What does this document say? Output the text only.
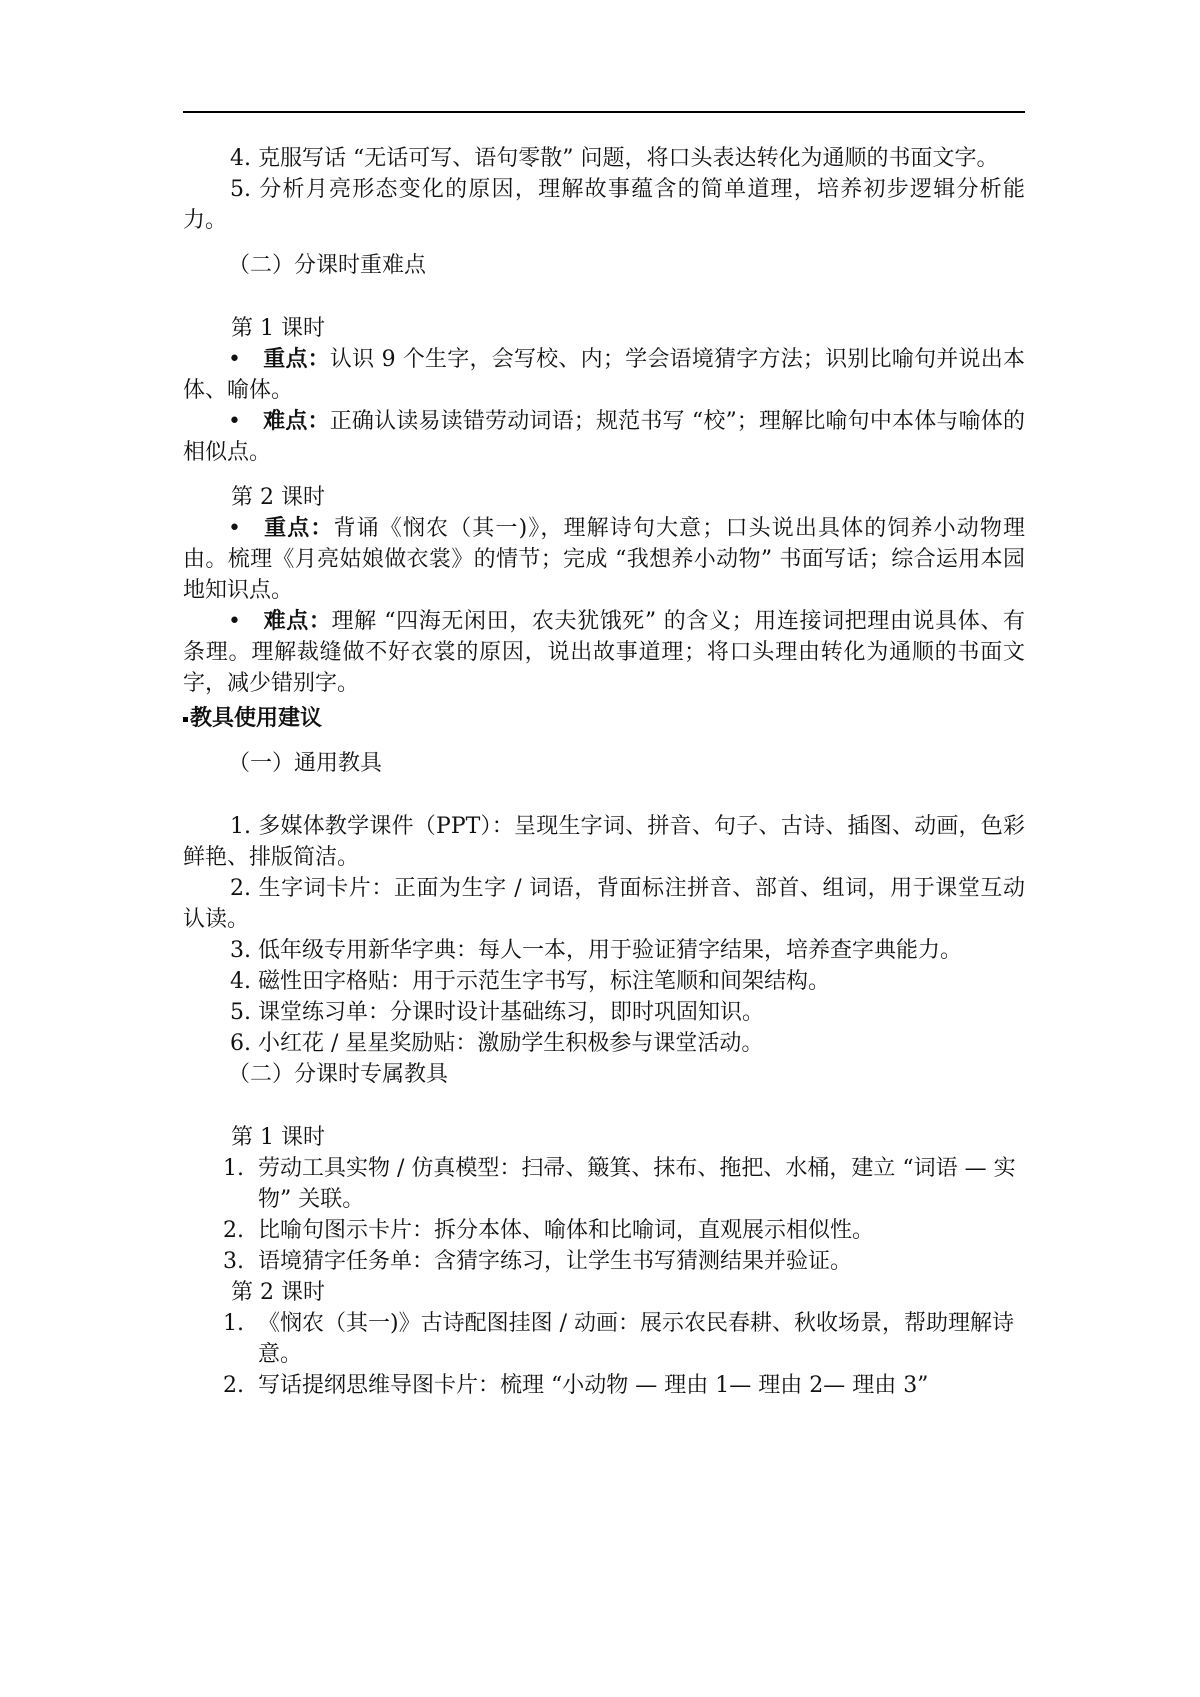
4. 克服写话 “无话可写、语句零散” 问题，将口头表达转化为通顺的书面文字。

5. 分析月亮形态变化的原因，理解故事蕴含的简单道理，培养初步逻辑分析能力。

（二）分课时重难点

第 1 课时

• 重点：认识 9 个生字，会写校、内；学会语境猜字方法；识别比喻句并说出本体、喻体。

• 难点：正确认读易读错劳动词语；规范书写 “校”；理解比喻句中本体与喻体的相似点。

第 2 课时

• 重点：背诵《悯农（其一)》，理解诗句大意；口头说出具体的饲养小动物理由。梳理《月亮姑娘做衣裳》的情节；完成 “我想养小动物” 书面写话；综合运用本园地知识点。

• 难点：理解 “四海无闲田，农夫犹饿死” 的含义；用连接词把理由说具体、有条理。理解裁缝做不好衣裳的原因，说出故事道理；将口头理由转化为通顺的书面文字，减少错别字。

教具使用建议

（一）通用教具

1. 多媒体教学课件（PPT）：呈现生字词、拼音、句子、古诗、插图、动画，色彩鲜艳、排版简洁。

2. 生字词卡片：正面为生字 / 词语，背面标注拼音、部首、组词，用于课堂互动认读。

3. 低年级专用新华字典：每人一本，用于验证猜字结果，培养查字典能力。

4. 磁性田字格贴：用于示范生字书写，标注笔顺和间架结构。

5. 课堂练习单：分课时设计基础练习，即时巩固知识。

6. 小红花 / 星星奖励贴：激励学生积极参与课堂活动。

（二）分课时专属教具

第 1 课时

1. 劳动工具实物 / 仿真模型：扫帚、簸箕、抹布、拖把、水桶，建立 “词语 — 实物” 关联。
2. 比喻句图示卡片：拆分本体、喻体和比喻词，直观展示相似性。
3. 语境猜字任务单：含猜字练习，让学生书写猜测结果并验证。

第 2 课时

1. 《悯农（其一)》古诗配图挂图 / 动画：展示农民春耕、秋收场景，帮助理解诗意。
2. 写话提纲思维导图卡片：梳理 “小动物 — 理由 1— 理由 2— 理由 3”
